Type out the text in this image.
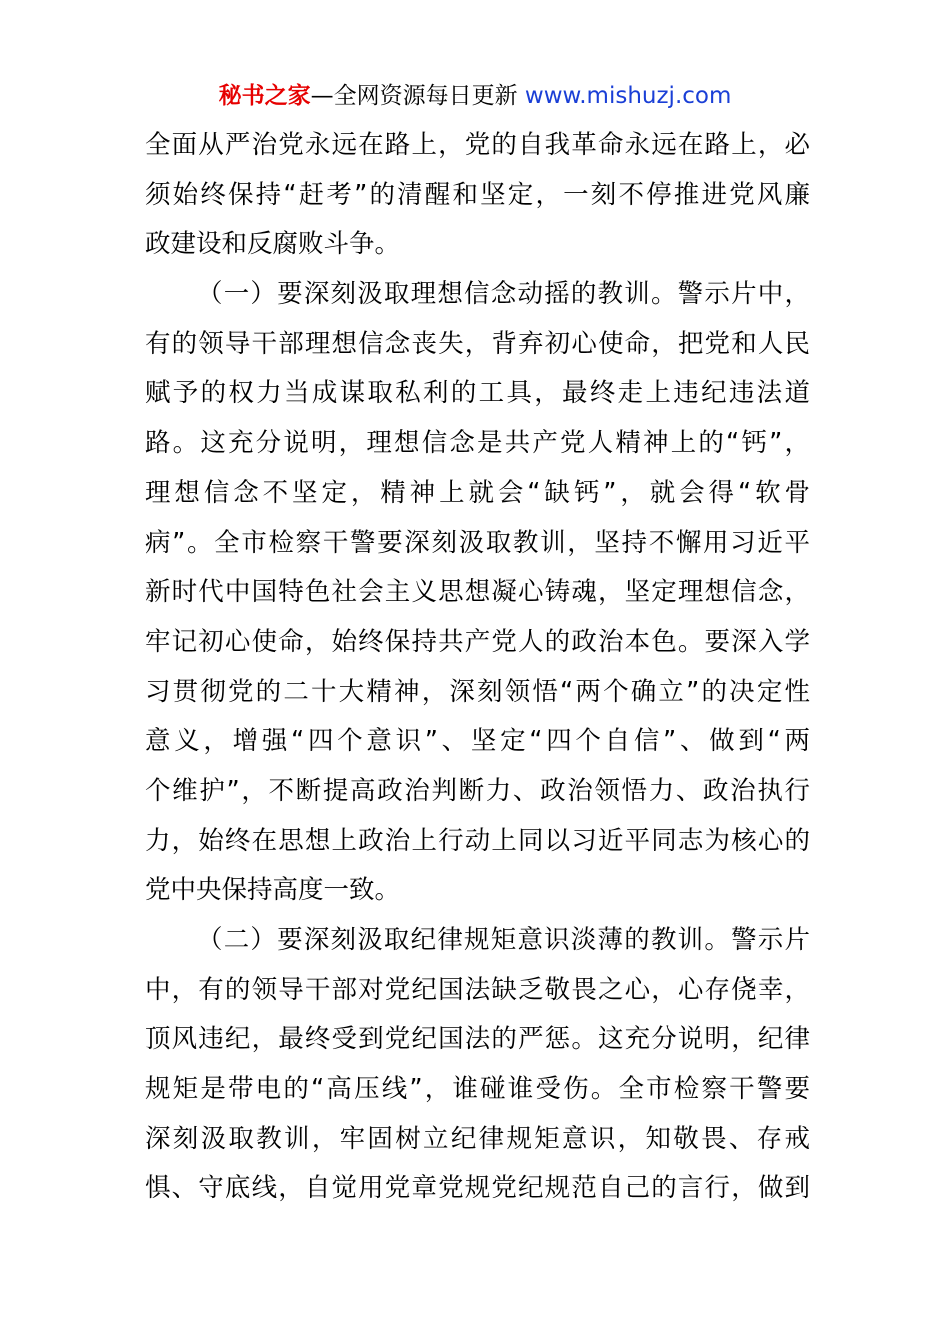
秘书之家—全网资源每日更新 www.mishuzj.com
全面从严治党永远在路上，党的自我革命永远在路上，必
须始终保持“赶考”的清醒和坚定，一刻不停推进党风廉
政建设和反腐败斗争。
（一）要深刻汲取理想信念动摇的教训。警示片中，
有的领导干部理想信念丧失，背弃初心使命，把党和人民
赋予的权力当成谋取私利的工具，最终走上违纪违法道
路。这充分说明，理想信念是共产党人精神上的“钙”，
理想信念不坚定，精神上就会“缺钙”，就会得“软骨
病”。全市检察干警要深刻汲取教训，坚持不懈用习近平
新时代中国特色社会主义思想凝心铸魂，坚定理想信念，
牢记初心使命，始终保持共产党人的政治本色。要深入学
习贯彻党的二十大精神，深刻领悟“两个确立”的决定性
意义，增强“四个意识”、坚定“四个自信”、做到“两
个维护”，不断提高政治判断力、政治领悟力、政治执行
力，始终在思想上政治上行动上同以习近平同志为核心的
党中央保持高度一致。
（二）要深刻汲取纪律规矩意识淡薄的教训。警示片
中，有的领导干部对党纪国法缺乏敬畏之心，心存侥幸，
顶风违纪，最终受到党纪国法的严惩。这充分说明，纪律
规矩是带电的“高压线”，谁碰谁受伤。全市检察干警要
深刻汲取教训，牢固树立纪律规矩意识，知敬畏、存戒
惧、守底线，自觉用党章党规党纪规范自己的言行，做到
